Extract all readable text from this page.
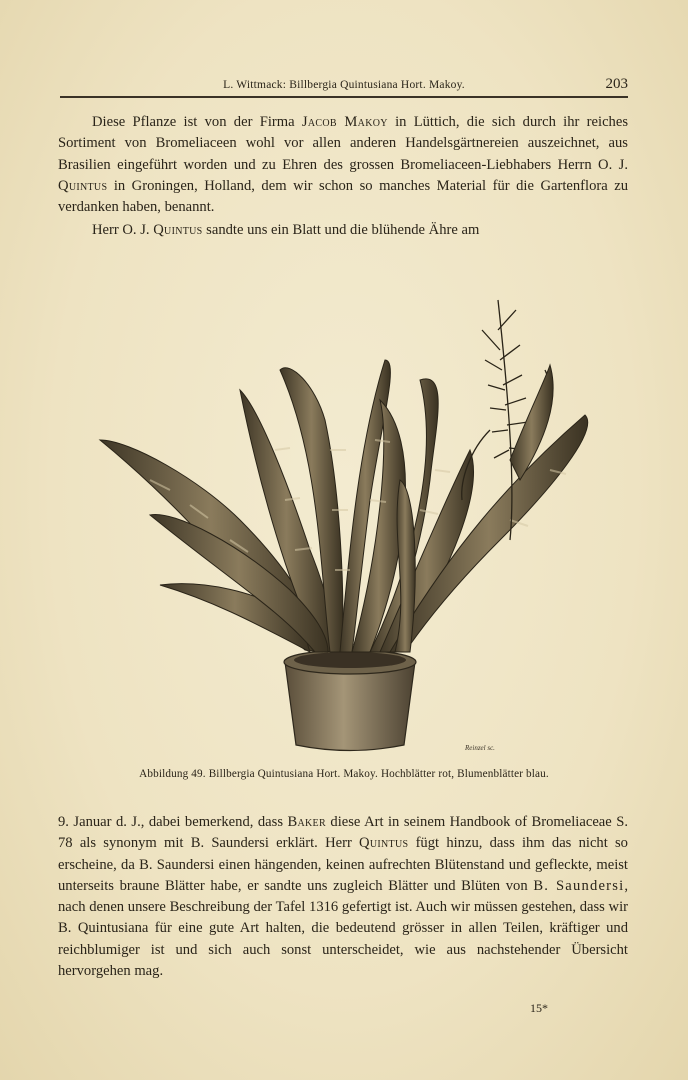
L. Wittmack: Billbergia Quintusiana Hort. Makoy.	203

Diese Pflanze ist von der Firma Jacob Makoy in Lüttich, die sich durch ihr reiches Sortiment von Bromeliaceen wohl vor allen anderen Handelsgärtnereien auszeichnet, aus Brasilien eingeführt worden und zu Ehren des grossen Bromeliaceen-Liebhabers Herrn O. J. Quintus in Groningen, Holland, dem wir schon so manches Material für die Gartenflora zu verdanken haben, benannt.

Herr O. J. Quintus sandte uns ein Blatt und die blühende Ähre am

Reinzel sc.
Abbildung 49. Billbergia Quintusiana Hort. Makoy. Hochblätter rot, Blumenblätter blau.

9. Januar d. J., dabei bemerkend, dass Baker diese Art in seinem Handbook of Bromeliaceae S. 78 als synonym mit B. Saundersi erklärt. Herr Quintus fügt hinzu, dass ihm das nicht so erscheine, da B. Saundersi einen hängenden, keinen aufrechten Blütenstand und gefleckte, meist unterseits braune Blätter habe, er sandte uns zugleich Blätter und Blüten von B. Saundersi, nach denen unsere Beschreibung der Tafel 1316 gefertigt ist. Auch wir müssen gestehen, dass wir B. Quintusiana für eine gute Art halten, die bedeutend grösser in allen Teilen, kräftiger und reichblumiger ist und sich auch sonst unterscheidet, wie aus nachstehender Übersicht hervorgehen mag.

15*
